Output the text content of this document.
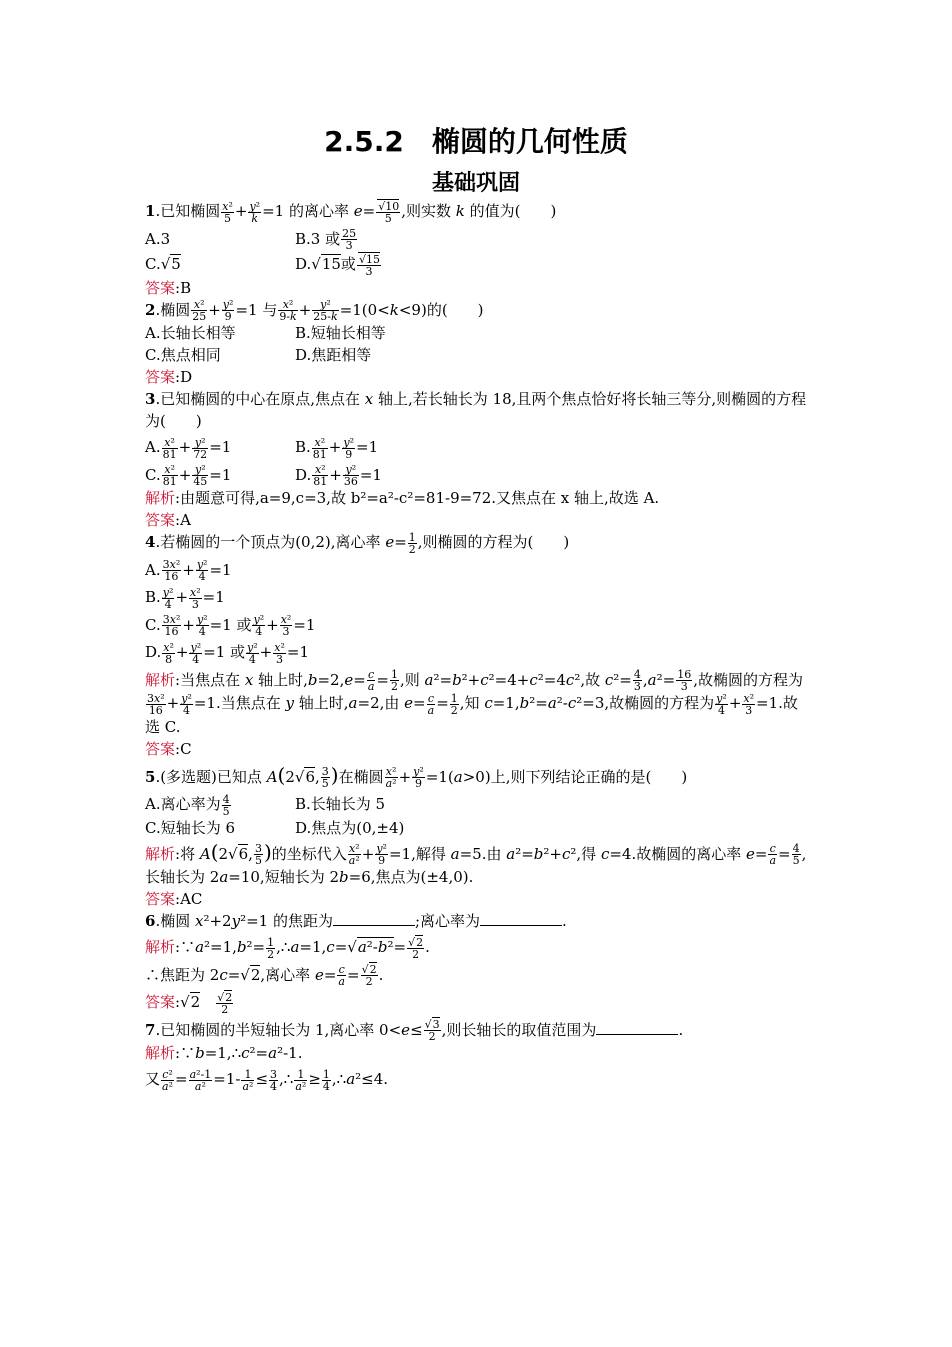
2.5.2　椭圆的几何性质
基础巩固
1.已知椭圆 $\frac{\text{x²}}{5} + \frac{\text{y²}}{k} =1$ 的离心率 $e= \frac{√10}{5}$ ,则实数 k 的值为(　　)
A.3	B.3 或 $\frac{25}{3}$
C.√5	D.√15或 $\frac{√15}{3}$
答案:B
2.椭圆 $\frac{\text{x²}}{25} + \frac{\text{y²}}{9} =1$ 与 $\frac{\text{x²}}{9-k} + \frac{\text{y²}}{25-k} =1(0<k<9)$的(　　)
A.长轴长相等	B.短轴长相等
C.焦点相同	D.焦距相等
答案:D
3.已知椭圆的中心在原点,焦点在 x 轴上,若长轴长为 18,且两个焦点恰好将长轴三等分,则椭圆的方程为(　　)
A. $\frac{\text{x²}}{81} + \frac{\text{y²}}{72} =1$	B. $\frac{\text{x²}}{81} + \frac{\text{y²}}{9} =1$
C. $\frac{\text{x²}}{81} + \frac{\text{y²}}{45} =1$	D. $\frac{\text{x²}}{81} + \frac{\text{y²}}{36} =1$
解析:由题意可得,a=9,c=3,故 b²=a²-c²=81-9=72.又焦点在 x 轴上,故选 A.
答案:A
4.若椭圆的一个顶点为(0,2),离心率 $e= \frac{1}{2}$ ,则椭圆的方程为(　　)
A. $\frac{\text{3x²}}{16} + \frac{\text{y²}}{4} =1$
B. $\frac{\text{y²}}{4} + \frac{\text{x²}}{3} =1$
C. $\frac{\text{3x²}}{16} + \frac{\text{y²}}{4} =1$ 或 $\frac{\text{y²}}{4} + \frac{\text{x²}}{3} =1$
D. $\frac{\text{x²}}{8} + \frac{\text{y²}}{4} =1$ 或 $\frac{\text{y²}}{4} + \frac{\text{x²}}{3} =1$
解析:当焦点在 x 轴上时$,b=2,e= \frac{c}{a} = \frac{1}{2}$ ,则 a²=b²+c²=4+c²=4c²,故 $c^2= \frac{4}{3} ,a^2= \frac{16}{3}$ ,故椭圆的方程为
$\frac{\text{3x²}}{16} + \frac{\text{y²}}{4} =1$.当焦点在 y 轴上时,a=2,由 $e= \frac{c}{a} = \frac{1}{2}$ ,知 c=1,b²=a²-c²=3,故椭圆的方程为 $\frac{\text{y²}}{4} + \frac{\text{x²}}{3} =1$.故选 C.
答案:C
5.(多选题)已知点 A(2√6, $\frac{3}{5}$ )在椭圆 $\frac{\text{x²}}{\text{a²}} + \frac{\text{y²}}{9} =1(a>0)$上,则下列结论正确的是(　　)
A.离心率为 $\frac{4}{5}$	B.长轴长为 5
C.短轴长为 6	D.焦点为(0,±4)
解析:将 A(2√6, $\frac{3}{5}$ )的坐标代入 $\frac{\text{x²}}{\text{a²}} + \frac{\text{y²}}{9} =1$,解得 a=5.由 a²=b²+c²,得 c=4.故椭圆的离心率 $e= \frac{c}{a} = \frac{4}{5}$ ,长轴长为 2a=10,短轴长为 2b=6,焦点为(±4,0).
答案:AC
6.椭圆 x²+2y²=1 的焦距为	;离心率为	.
解析:∵a²=1,b²= $\frac{1}{2}$ ,∴a=1,c=√a²-b²= $\frac{√2}{2}$ .
∴焦距为 2c=√2,离心率 $e= \frac{c}{a} = \frac{√2}{2}$ .
答案:√2　 $\frac{√2}{2}$
7.已知椭圆的半短轴长为 1,离心率 $0<e\le \frac{√3}{2}$ ,则长轴长的取值范围为	.
解析:∵b=1,∴c²=a²-1.
又 $\frac{\text{c²}}{\text{a²}} = \frac{\text{a²-1}}{\text{a²}} =1- \frac{1}{\text{a²}} \le \frac{3}{4}$ ,∴ $\frac{1}{\text{a²}} \ge \frac{1}{4}$ ,∴a²≤4.
